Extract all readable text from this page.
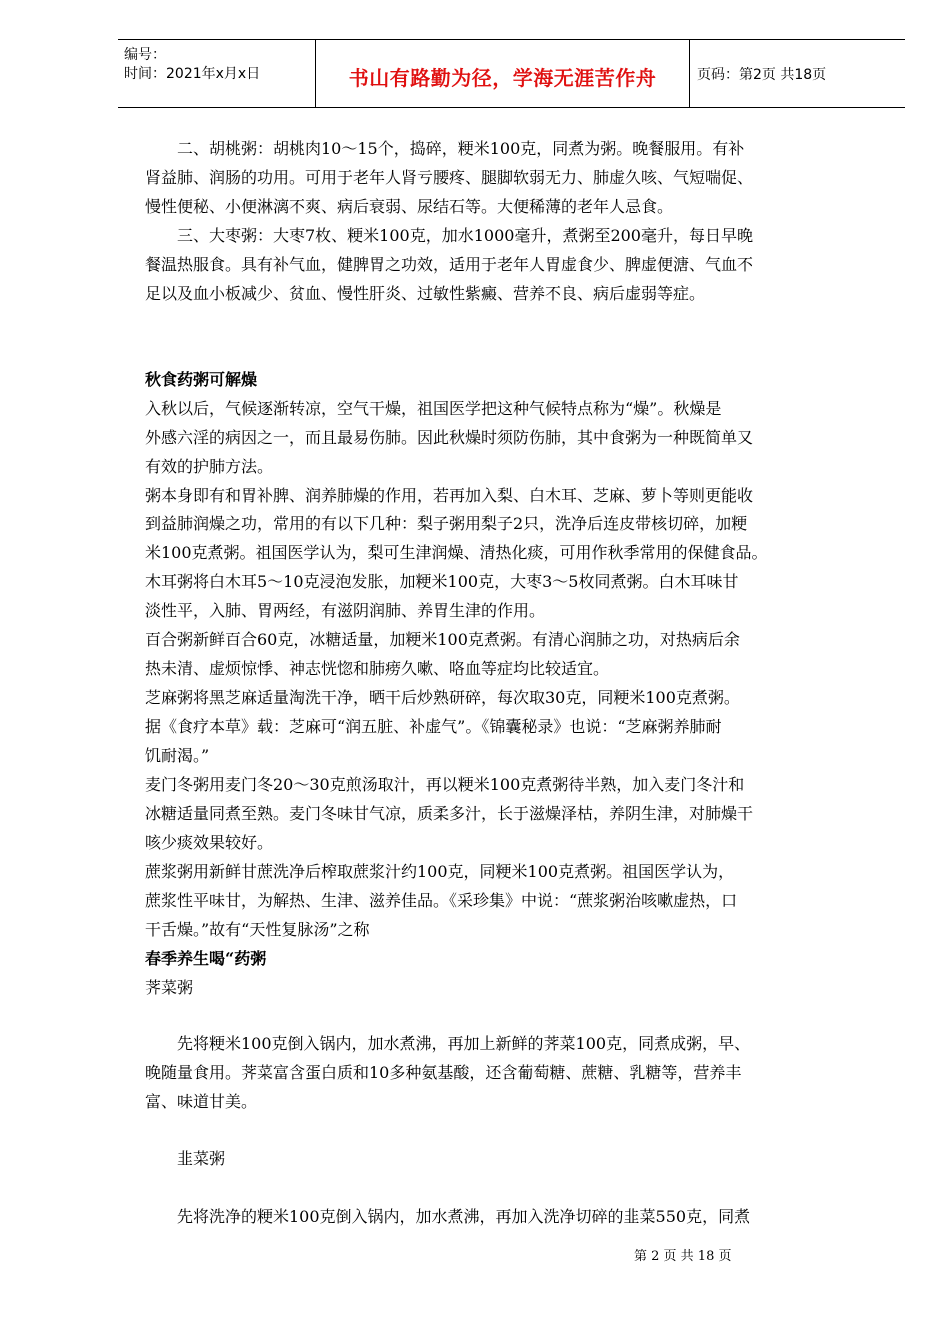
编号：
时间：2021年x月x日	书山有路勤为径，学海无涯苦作舟	页码：第2页 共18页
　　二、胡桃粥：胡桃肉10～15个，捣碎，粳米100克，同煮为粥。晚餐服用。有补
肾益肺、润肠的功用。可用于老年人肾亏腰疼、腿脚软弱无力、肺虚久咳、气短喘促、
慢性便秘、小便淋漓不爽、病后衰弱、尿结石等。大便稀薄的老年人忌食。
　　三、大枣粥：大枣7枚、粳米100克，加水1000毫升，煮粥至200毫升，每日早晚
餐温热服食。具有补气血，健脾胃之功效，适用于老年人胃虚食少、脾虚便溏、气血不
足以及血小板减少、贫血、慢性肝炎、过敏性紫癜、营养不良、病后虚弱等症。
秋食药粥可解燥
入秋以后，气候逐渐转凉，空气干燥，祖国医学把这种气候特点称为“燥”。秋燥是
外感六淫的病因之一，而且最易伤肺。因此秋燥时须防伤肺，其中食粥为一种既简单又
有效的护肺方法。
粥本身即有和胃补脾、润养肺燥的作用，若再加入梨、白木耳、芝麻、萝卜等则更能收
到益肺润燥之功，常用的有以下几种：梨子粥用梨子2只，洗净后连皮带核切碎，加粳
米100克煮粥。祖国医学认为，梨可生津润燥、清热化痰，可用作秋季常用的保健食品。
木耳粥将白木耳5～10克浸泡发胀，加粳米100克，大枣3～5枚同煮粥。白木耳味甘
淡性平，入肺、胃两经，有滋阴润肺、养胃生津的作用。
百合粥新鲜百合60克，冰糖适量，加粳米100克煮粥。有清心润肺之功，对热病后余
热未清、虚烦惊悸、神志恍惚和肺痨久嗽、咯血等症均比较适宜。
芝麻粥将黑芝麻适量淘洗干净，晒干后炒熟研碎，每次取30克，同粳米100克煮粥。
据《食疗本草》载：芝麻可“润五脏、补虚气”。《锦囊秘录》也说：“芝麻粥养肺耐
饥耐渴。”
麦门冬粥用麦门冬20～30克煎汤取汁，再以粳米100克煮粥待半熟，加入麦门冬汁和
冰糖适量同煮至熟。麦门冬味甘气凉，质柔多汁，长于滋燥泽枯，养阴生津，对肺燥干
咳少痰效果较好。
蔗浆粥用新鲜甘蔗洗净后榨取蔗浆汁约100克，同粳米100克煮粥。祖国医学认为，
蔗浆性平味甘，为解热、生津、滋养佳品。《采珍集》中说：“蔗浆粥治咳嗽虚热，口
干舌燥。”故有“天性复脉汤”之称
春季养生喝“药粥
荠菜粥
　　先将粳米100克倒入锅内，加水煮沸，再加上新鲜的荠菜100克，同煮成粥，早、
晚随量食用。荠菜富含蛋白质和10多种氨基酸，还含葡萄糖、蔗糖、乳糖等，营养丰
富、味道甘美。
　　韭菜粥
　　先将洗净的粳米100克倒入锅内，加水煮沸，再加入洗净切碎的韭菜550克，同煮
第 2 页 共 18 页
